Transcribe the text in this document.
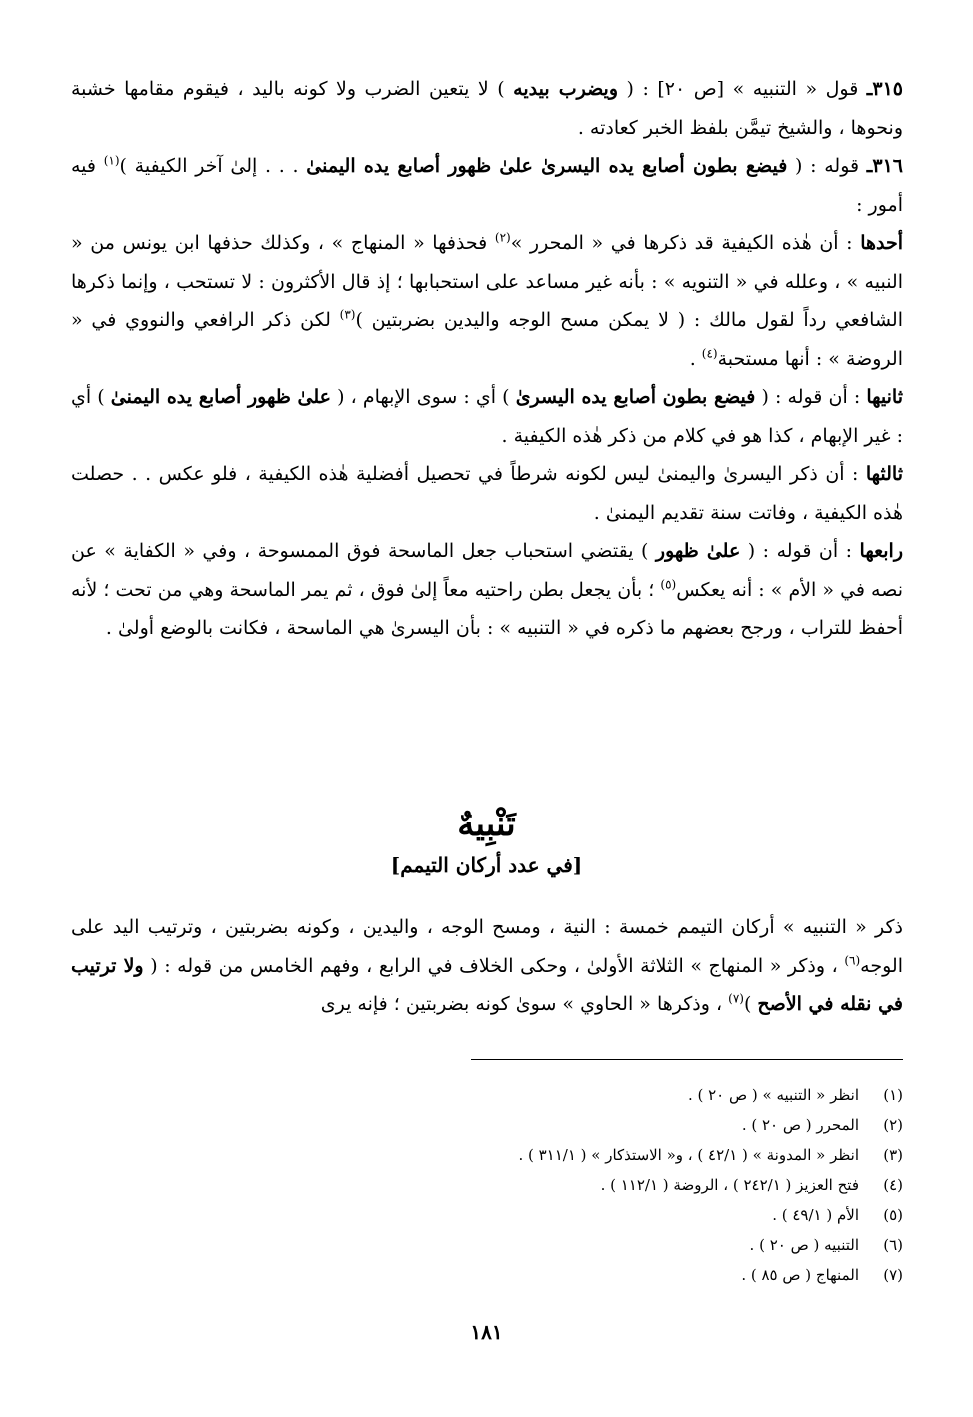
٣١٥ـ قول « التنبيه » [ص ٢٠] : ( ويضرب بيديه ) لا يتعين الضرب ولا كونه باليد ، فيقوم مقامها خشبة ونحوها ، والشيخ تيمَّن بلفظ الخبر كعادته .

٣١٦ـ قوله : ( فيضع بطون أصابع يده اليسرىٰ علىٰ ظهور أصابع يده اليمنىٰ . . . إلىٰ آخر الكيفية )$^{(١)}$ فيه أمور :

أحدها : أن هٰذه الكيفية قد ذكرها في « المحرر »$^{(٢)}$ فحذفها « المنهاج » ، وكذلك حذفها ابن يونس من « النبيه » ، وعلله في « التنويه » : بأنه غير مساعد على استحبابها ؛ إذ قال الأكثرون : لا تستحب ، وإنما ذكرها الشافعي رداً لقول مالك : ( لا يمكن مسح الوجه واليدين بضربتين )$^{(٣)}$ لكن ذكر الرافعي والنووي في « الروضة » : أنها مستحبة$^{(٤)}$ .

ثانيها : أن قوله : ( فيضع بطون أصابع يده اليسرىٰ ) أي : سوى الإبهام ، ( علىٰ ظهور أصابع يده اليمنىٰ ) أي : غير الإبهام ، كذا هو في كلام من ذكر هٰذه الكيفية .

ثالثها : أن ذكر اليسرىٰ واليمنىٰ ليس لكونه شرطاً في تحصيل أفضلية هٰذه الكيفية ، فلو عكس . . حصلت هٰذه الكيفية ، وفاتت سنة تقديم اليمنىٰ .

رابعها : أن قوله : ( علىٰ ظهور ) يقتضي استحباب جعل الماسحة فوق الممسوحة ، وفي « الكفاية » عن نصه في « الأم » : أنه يعكس$^{(٥)}$ ؛ بأن يجعل بطن راحتيه معاً إلىٰ فوق ، ثم يمر الماسحة وهي من تحت ؛ لأنه أحفظ للتراب ، ورجح بعضهم ما ذكره في « التنبيه » : بأن اليسرىٰ هي الماسحة ، فكانت بالوضع أولىٰ .

تَنْبِيهٌ
[في عدد أركان التيمم]

ذكر « التنبيه » أركان التيمم خمسة : النية ، ومسح الوجه ، واليدين ، وكونه بضربتين ، وترتيب اليد على الوجه$^{(٦)}$ ، وذكر « المنهاج » الثلاثة الأولىٰ ، وحكى الخلاف في الرابع ، وفهم الخامس من قوله : ( ولا ترتيب في نقله في الأصح )$^{(٧)}$ ، وذكرها « الحاوي » سوىٰ كونه بضربتين ؛ فإنه يرى

(١)انظر « التنبيه » ( ص ٢٠ ) .
(٢)المحرر ( ص ٢٠ ) .
(٣)انظر « المدونة » ( ٤٢/١ ) ، و« الاستذكار » ( ٣١١/١ ) .
(٤)فتح العزيز ( ٢٤٢/١ ) ، الروضة ( ١١٢/١ ) .
(٥)الأم ( ٤٩/١ ) .
(٦)التنبيه ( ص ٢٠ ) .
(٧)المنهاج ( ص ٨٥ ) .
١٨١
